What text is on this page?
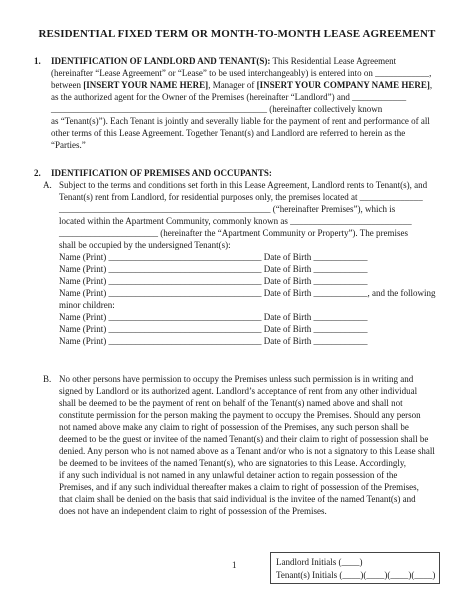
RESIDENTIAL FIXED TERM OR MONTH-TO-MONTH LEASE AGREEMENT
1. IDENTIFICATION OF LANDLORD AND TENANT(S): This Residential Lease Agreement
(hereinafter “Lease Agreement” or “Lease” to be used interchangeably) is entered into on ____________,
between [INSERT YOUR NAME HERE], Manager of [INSERT YOUR COMPANY NAME HERE],
as the authorized agent for the Owner of the Premises (hereinafter “Landlord”) and ____________
________________________________________________ (hereinafter collectively known
as “Tenant(s)”). Each Tenant is jointly and severally liable for the payment of rent and performance of all
other terms of this Lease Agreement. Together Tenant(s) and Landlord are referred to herein as the
“Parties.”
2. IDENTIFICATION OF PREMISES AND OCCUPANTS:
A. Subject to the terms and conditions set forth in this Lease Agreement, Landlord rents to Tenant(s), and
Tenant(s) rent from Landlord, for residential purposes only, the premises located at ______________
_______________________________________________ (“hereinafter Premises”), which is
located within the Apartment Community, commonly known as ___________________________
______________________ (hereinafter the “Apartment Community or Property”). The premises
shall be occupied by the undersigned Tenant(s):
Name (Print) __________________________________ Date of Birth ____________
Name (Print) __________________________________ Date of Birth ____________
Name (Print) __________________________________ Date of Birth ____________
Name (Print) __________________________________ Date of Birth ____________, and the following
minor children:
Name (Print) __________________________________ Date of Birth ____________
Name (Print) __________________________________ Date of Birth ____________
Name (Print) __________________________________ Date of Birth ____________
B. No other persons have permission to occupy the Premises unless such permission is in writing and
signed by Landlord or its authorized agent. Landlord’s acceptance of rent from any other individual
shall be deemed to be the payment of rent on behalf of the Tenant(s) named above and shall not
constitute permission for the person making the payment to occupy the Premises. Should any person
not named above make any claim to right of possession of the Premises, any such person shall be
deemed to be the guest or invitee of the named Tenant(s) and their claim to right of possession shall be
denied. Any person who is not named above as a Tenant and/or who is not a signatory to this Lease shall
be deemed to be invitees of the named Tenant(s), who are signatories to this Lease. Accordingly,
if any such individual is not named in any unlawful detainer action to regain possession of the
Premises, and if any such individual thereafter makes a claim to right of possession of the Premises,
that claim shall be denied on the basis that said individual is the invitee of the named Tenant(s) and
does not have an independent claim to right of possession of the Premises.
1	Landlord Initials (____)
Tenant(s) Initials (____)(____)(____)(____)
